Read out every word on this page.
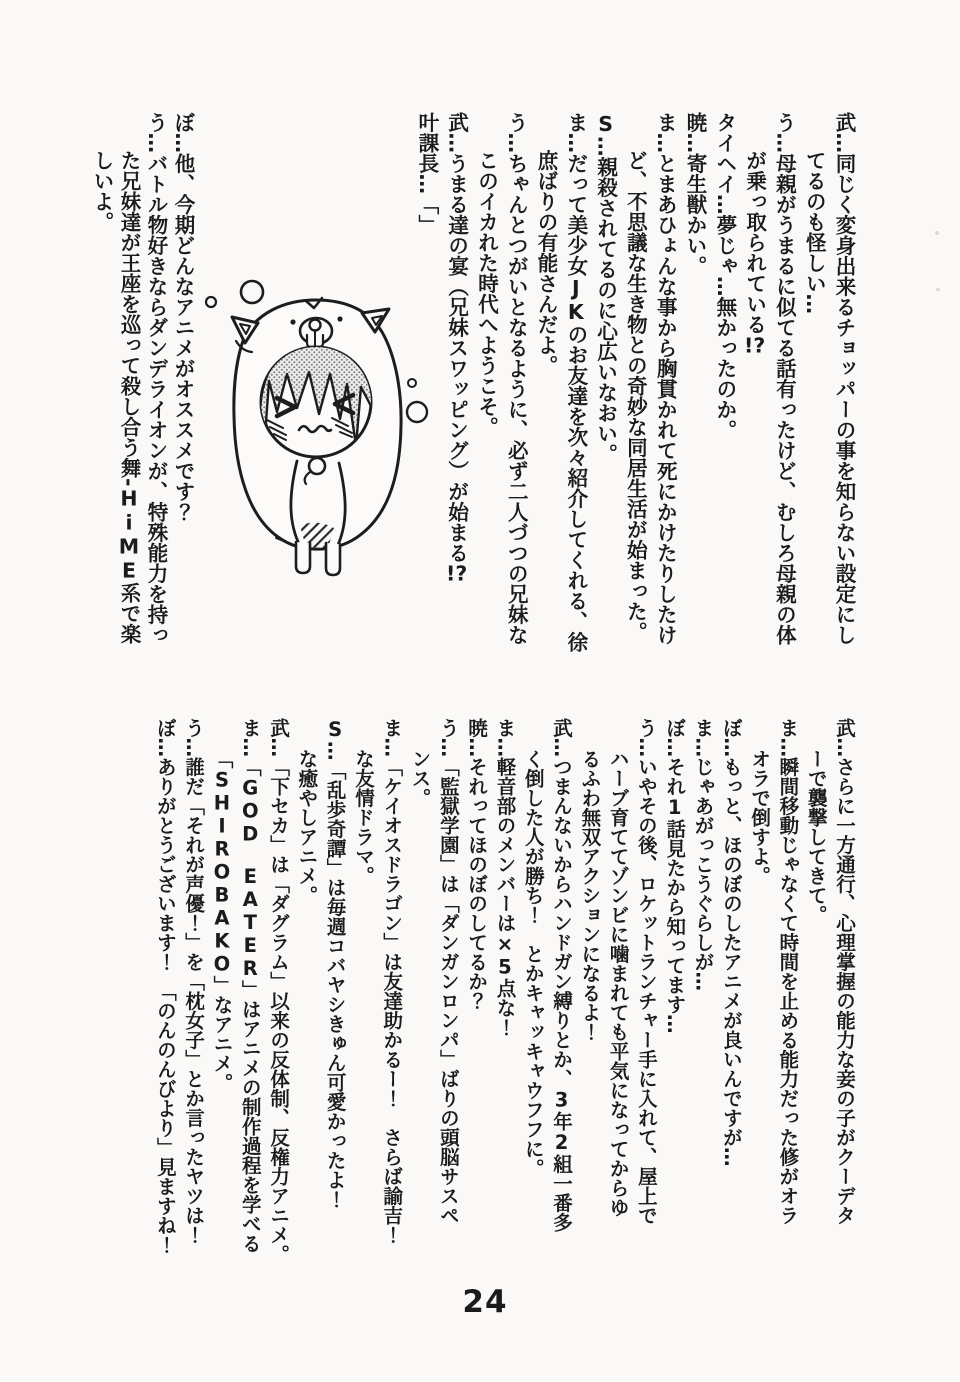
武…同じく変身出来るチョッパーの事を知らない設定にし

てるのも怪しい…

う…母親がうまるに似てる話有ったけど、むしろ母親の体

が乗っ取られている!?

タイヘイ…夢じゃ…無かったのか。

暁…寄生獣かい。

ま…とまあひょんな事から胸貫かれて死にかけたりしたけ

ど、不思議な生き物との奇妙な同居生活が始まった。

S…親殺されてるのに心広いなおい。

ま…だって美少女JKのお友達を次々紹介してくれる、徐

庶ばりの有能さんだよ。

う…ちゃんとつがいとなるように、必ず二人づつの兄妹な

このイカれた時代へようこそ。

武…うまる達の宴（兄妹スワッピング）が始まる!?

叶課長…「」

ぼ…他、今期どんなアニメがオススメです？

う…バトル物好きならダンデライオンが、特殊能力を持っ

た兄妹達が王座を巡って殺し合う舞-HiME系で楽

しいよ。

武…さらに一方通行、心理掌握の能力な妾の子がクーデタ

ーで襲撃してきて。

ま…瞬間移動じゃなくて時間を止める能力だった修がオラ

オラで倒すよ。

ぼ…もっと、ほのぼのしたアニメが良いんですが…

ま…じゃあがっこうぐらしが…

ぼ…それ1話見たから知ってます…

う…いやその後、ロケットランチャー手に入れて、屋上で

ハーブ育ててゾンビに噛まれても平気になってからゆ

るふわ無双アクションになるよ！

武…つまんないからハンドガン縛りとか、3年2組一番多

く倒した人が勝ち！　とかキャッキャウフフに。

ま…軽音部のメンバーは×5点な！

暁…それってほのぼのしてるか？

う…「監獄学園」は「ダンガンロンパ」ばりの頭脳サスペ

ンス。

ま…「ケイオスドラゴン」は友達助かるー！　さらば諭吉！

な友情ドラマ。

S…「乱歩奇譚」は毎週コバヤシきゅん可愛かったよ！

な癒やしアニメ。

武…「下セカ」は「ダグラム」以来の反体制、反権力アニメ。

ま…「GOD　EATER」はアニメの制作過程を学べる

「SHIROBAKO」なアニメ。

う…誰だ「それが声優！」を「枕女子」とか言ったヤツは！

ぼ…ありがとうございます！　「のんのんびより」見ますね！

24
